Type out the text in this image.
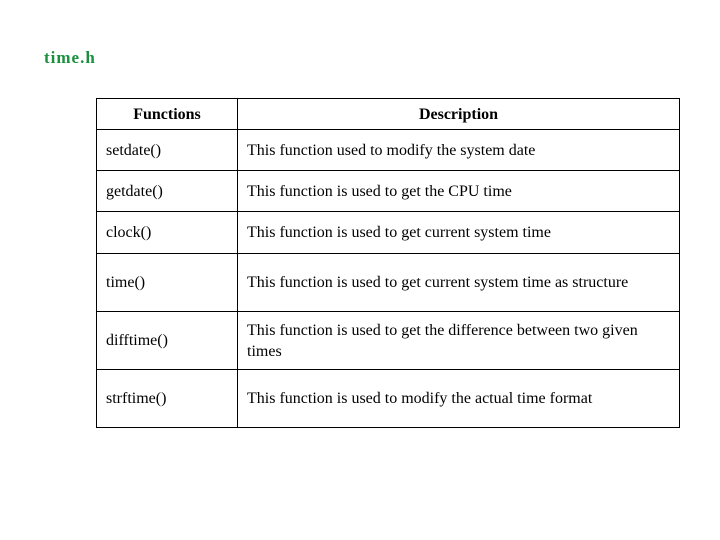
time.h
Functions	Description
setdate()	This function used to modify the system date
getdate()	This function is used to get the CPU time
clock()	This function is used to get current system time
time()	This function is used to get current system time as structure
difftime()	This function is used to get the difference between two given times
strftime()	This function is used to modify the actual time format
